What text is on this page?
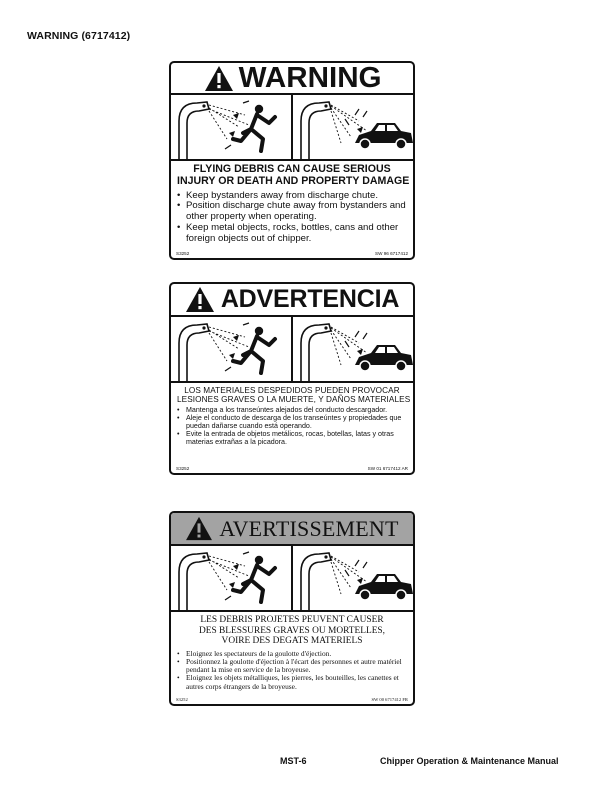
WARNING (6717412)
WARNING
FLYING DEBRIS CAN CAUSE SERIOUS
INJURY OR DEATH AND PROPERTY DAMAGE
• Keep bystanders away from discharge chute.
• Position discharge chute away from bystanders and other property when operating.
• Keep metal objects, rocks, bottles, cans and other foreign objects out of chipper.
S3252	SW 96 6717412
ADVERTENCIA
LOS MATERIALES DESPEDIDOS PUEDEN PROVOCAR
LESIONES GRAVES O LA MUERTE, Y DAÑOS MATERIALES
• Mantenga a los transeúntes alejados del conducto descargador.
• Aleje el conducto de descarga de los transeúntes y propiedades que puedan dañarse cuando está operando.
• Evite la entrada de objetos metálicos, rocas, botellas, latas y otras materias extrañas a la picadora.
S3252	SW 01 6717412 AR
AVERTISSEMENT
LES DEBRIS PROJETES PEUVENT CAUSER
DES BLESSURES GRAVES OU MORTELLES,
VOIRE DES DEGATS MATERIELS
• Eloignez les spectateurs de la goulotte d'éjection.
• Positionnez la goulotte d'éjection à l'écart des personnes et autre matériel pendant la mise en service de la broyeuse.
• Eloignez les objets métalliques, les pierres, les bouteilles, les canettes et autres corps étrangers de la broyeuse.
S3252	SW 00 6717412 FR
MST-6	Chipper Operation & Maintenance Manual
